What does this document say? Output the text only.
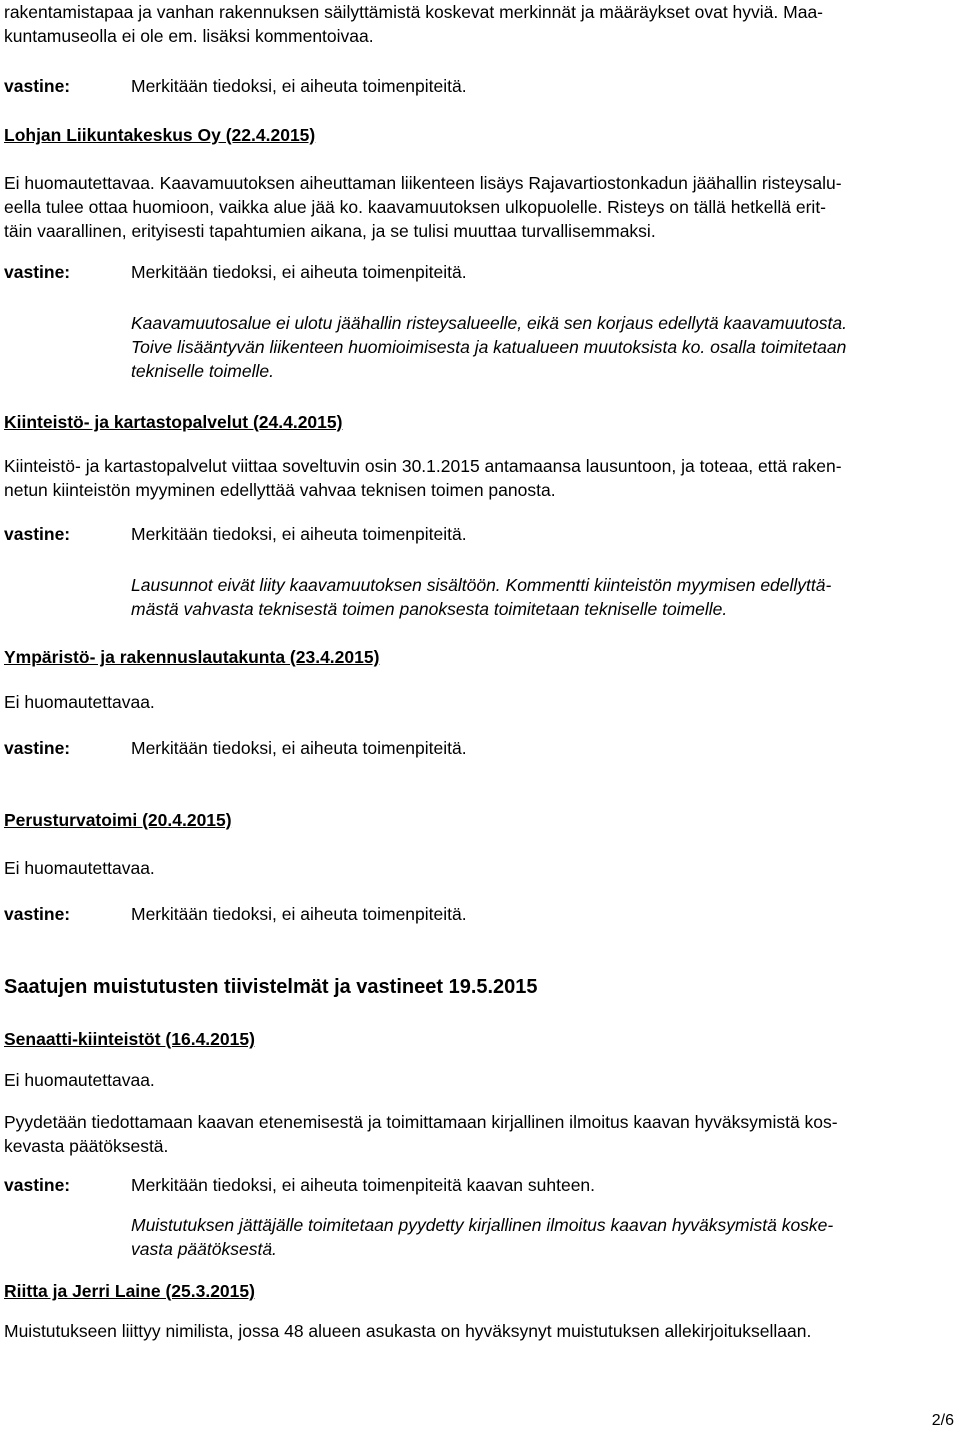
rakentamistapaa ja vanhan rakennuksen säilyttämistä koskevat merkinnät ja määräykset ovat hyviä. Maa-

kuntamuseolla ei ole em. lisäksi kommentoivaa.

vastine:	Merkitään tiedoksi, ei aiheuta toimenpiteitä.

Lohjan Liikuntakeskus Oy (22.4.2015)

Ei huomautettavaa. Kaavamuutoksen aiheuttaman liikenteen lisäys Rajavartiostonkadun jäähallin risteysalu-

eella tulee ottaa huomioon, vaikka alue jää ko. kaavamuutoksen ulkopuolelle. Risteys on tällä hetkellä erit-

täin vaarallinen, erityisesti tapahtumien aikana, ja se tulisi muuttaa turvallisemmaksi.

vastine:	Merkitään tiedoksi, ei aiheuta toimenpiteitä.

Kaavamuutosalue ei ulotu jäähallin risteysalueelle, eikä sen korjaus edellytä kaavamuutosta.

Toive lisääntyvän liikenteen huomioimisesta ja katualueen muutoksista ko. osalla toimitetaan

tekniselle toimelle.

Kiinteistö- ja kartastopalvelut (24.4.2015)

Kiinteistö- ja kartastopalvelut viittaa soveltuvin osin 30.1.2015 antamaansa lausuntoon, ja toteaa, että raken-

netun kiinteistön myyminen edellyttää vahvaa teknisen toimen panosta.

vastine:	Merkitään tiedoksi, ei aiheuta toimenpiteitä.

Lausunnot eivät liity kaavamuutoksen sisältöön. Kommentti kiinteistön myymisen edellyttä-

mästä vahvasta teknisestä toimen panoksesta toimitetaan tekniselle toimelle.

Ympäristö- ja rakennuslautakunta (23.4.2015)

Ei huomautettavaa.

vastine:	Merkitään tiedoksi, ei aiheuta toimenpiteitä.

Perusturvatoimi (20.4.2015)

Ei huomautettavaa.

vastine:	Merkitään tiedoksi, ei aiheuta toimenpiteitä.
Saatujen muistutusten tiivistelmät ja vastineet 19.5.2015

Senaatti-kiinteistöt (16.4.2015)

Ei huomautettavaa.

Pyydetään tiedottamaan kaavan etenemisestä ja toimittamaan kirjallinen ilmoitus kaavan hyväksymistä kos-

kevasta päätöksestä.

vastine:	Merkitään tiedoksi, ei aiheuta toimenpiteitä kaavan suhteen.

Muistutuksen jättäjälle toimitetaan pyydetty kirjallinen ilmoitus kaavan hyväksymistä koske-

vasta päätöksestä.

Riitta ja Jerri Laine (25.3.2015)

Muistutukseen liittyy nimilista, jossa 48 alueen asukasta on hyväksynyt muistutuksen allekirjoituksellaan.

2/6
